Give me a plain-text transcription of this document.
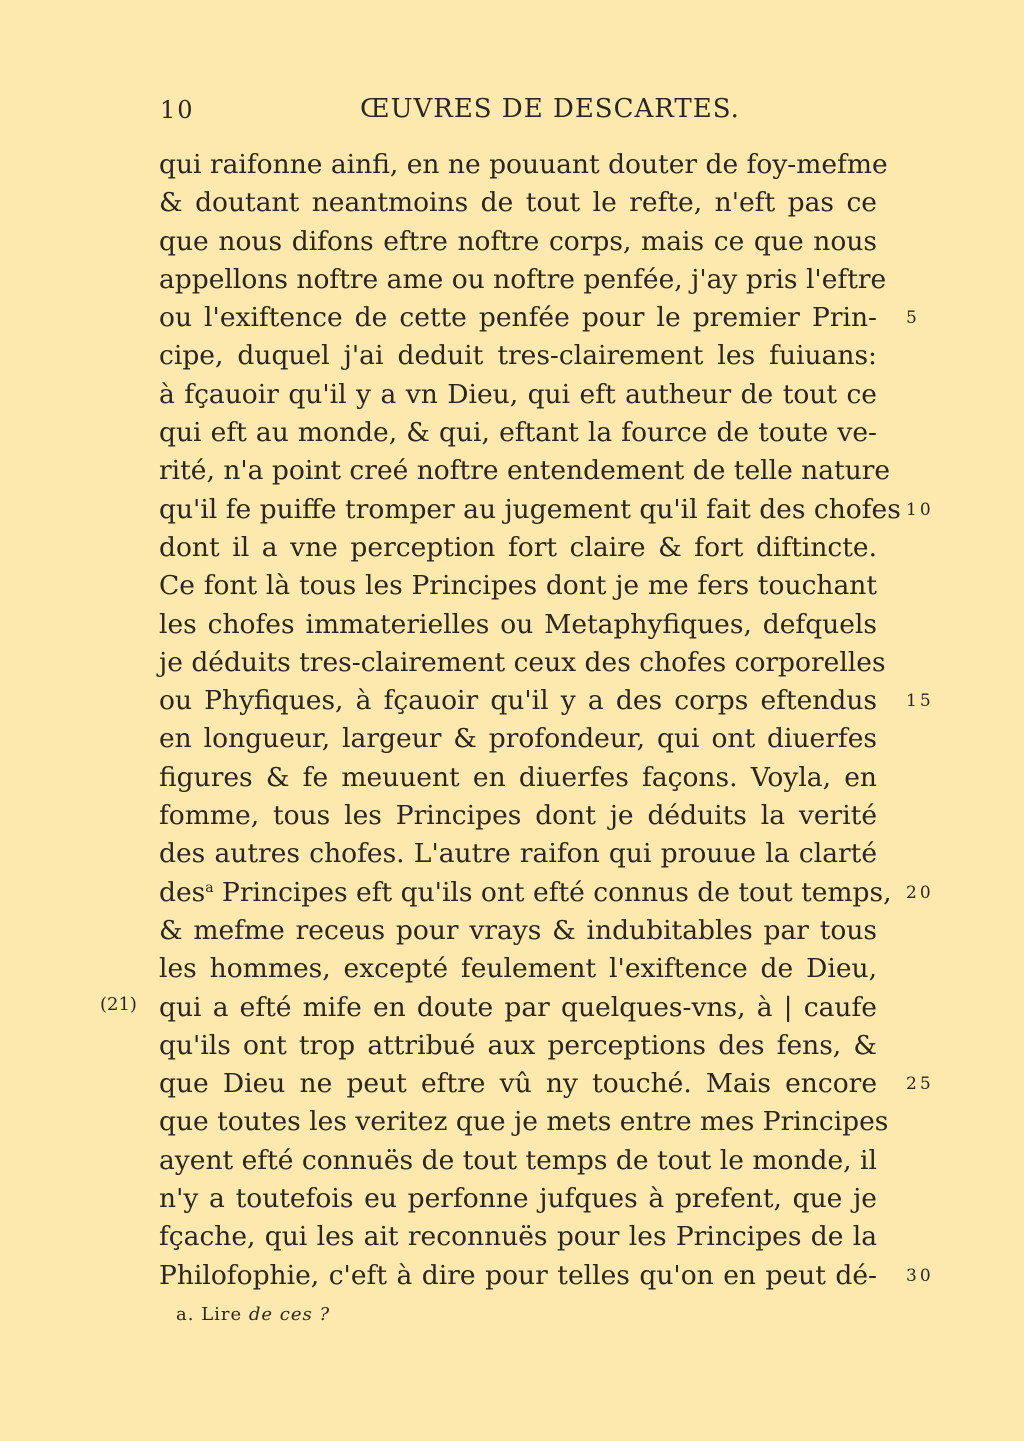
10	ŒUVRES DE DESCARTES.

qui raifonne ainfi, en ne pouuant douter de foy-mefme
& doutant neantmoins de tout le refte, n'eft pas ce
que nous difons eftre noftre corps, mais ce que nous
appellons noftre ame ou noftre penfée, j'ay pris l'eftre
ou l'exiftence de cette penfée pour le premier Prin-
cipe, duquel j'ai deduit tres-clairement les fuiuans:
à fçauoir qu'il y a vn Dieu, qui eft autheur de tout ce
qui eft au monde, & qui, eftant la fource de toute ve-
rité, n'a point creé noftre entendement de telle nature
qu'il fe puiffe tromper au jugement qu'il fait des chofes
dont il a vne perception fort claire & fort diftincte.
Ce font là tous les Principes dont je me fers touchant
les chofes immaterielles ou Metaphyfiques, defquels
je déduits tres-clairement ceux des chofes corporelles
ou Phyfiques, à fçauoir qu'il y a des corps eftendus
en longueur, largeur & profondeur, qui ont diuerfes
figures & fe meuuent en diuerfes façons. Voyla, en
fomme, tous les Principes dont je déduits la verité
des autres chofes. L'autre raifon qui prouue la clarté
des$^a$ Principes eft qu'ils ont efté connus de tout temps,
& mefme receus pour vrays & indubitables par tous
les hommes, excepté feulement l'exiftence de Dieu,
qui a efté mife en doute par quelques-vns, à | caufe
qu'ils ont trop attribué aux perceptions des fens, &
que Dieu ne peut eftre vû ny touché. Mais encore
que toutes les veritez que je mets entre mes Principes
ayent efté connuës de tout temps de tout le monde, il
n'y a toutefois eu perfonne jufques à prefent, que je
fçache, qui les ait reconnuës pour les Principes de la
Philofophie, c'eft à dire pour telles qu'on en peut dé-

5

10

15

20

25

30

(21)

a. Lire de ces ?
